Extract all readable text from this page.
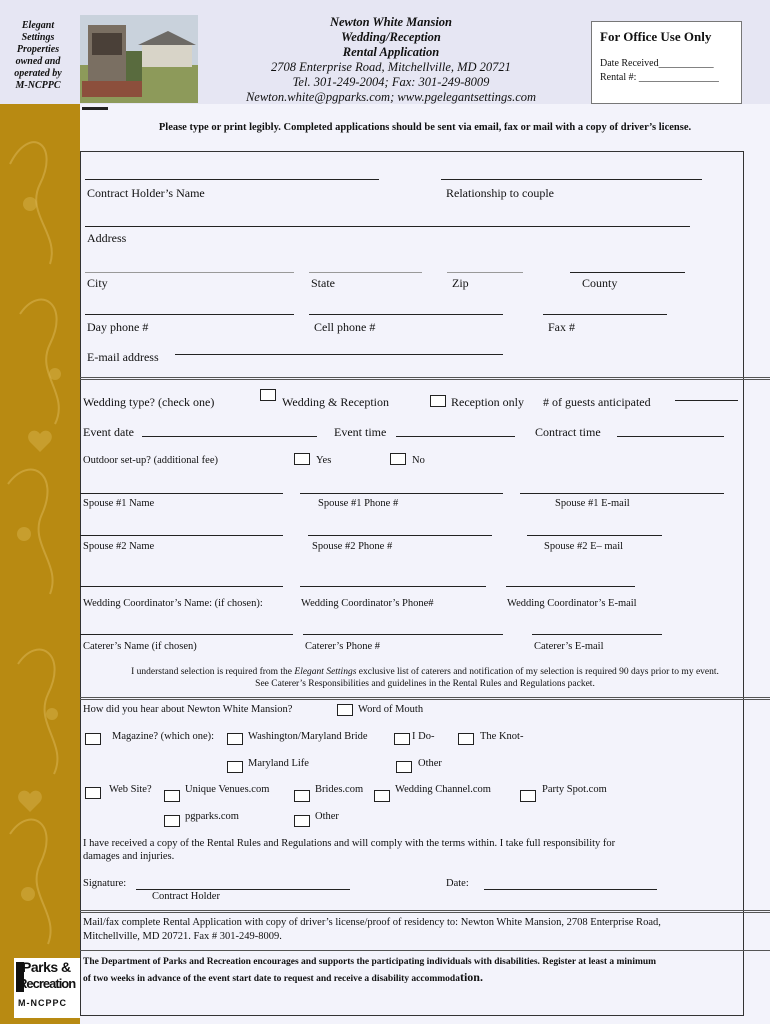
Elegant
Settings
Properties
owned and
operated by
M-NCPPC
Newton White Mansion
Wedding/Reception
Rental Application
2708 Enterprise Road, Mitchellville, MD 20721
Tel. 301-249-2004; Fax: 301-249-8009
Newton.white@pgparks.com; www.pgelegantsettings.com
For Office Use Only
Date Received___________
Rental #: ________________
Please type or print legibly. Completed applications should be sent via email, fax or mail with a copy of driver’s license.
Contract Holder’s Name	Relationship to couple
Address
City	State	Zip	County
Day phone #	Cell phone #	Fax #
E-mail address
Wedding type? (check one)	Wedding & Reception	Reception only # of guests anticipated
Event date	Event time	Contract time
Outdoor set-up? (additional fee)	Yes	No
Spouse #1 Name	Spouse #1 Phone #	Spouse #1 E-mail
Spouse #2 Name	Spouse #2 Phone #	Spouse #2 E– mail
Wedding Coordinator’s Name: (if chosen):	Wedding Coordinator’s Phone#	Wedding Coordinator’s E-mail
Caterer’s Name (if chosen)	Caterer’s Phone #	Caterer’s E-mail
I understand selection is required from the Elegant Settings exclusive list of caterers and notification of my selection is required 90 days prior to my event.
See Caterer’s Responsibilities and guidelines in the Rental Rules and Regulations packet.
How did you hear about Newton White Mansion?	Word of Mouth
Magazine? (which one):	Washington/Maryland Bride	I Do-	The Knot-
Maryland Life	Other
Web Site?	Unique Venues.com	Brides.com	Wedding Channel.com	Party Spot.com
pgparks.com	Other
I have received a copy of the Rental Rules and Regulations and will comply with the terms within. I take full responsibility for
damages and injuries.
Signature:
Contract Holder
Date:
Mail/fax complete Rental Application with copy of driver’s license/proof of residency to: Newton White Mansion, 2708 Enterprise Road,
Mitchellville, MD 20721. Fax # 301-249-8009.
The Department of Parks and Recreation encourages and supports the participating individuals with disabilities. Register at least a minimum
of two weeks in advance of the event start date to request and receive a disability accommodation.
Parks &
Recreation
M-NCPPC
